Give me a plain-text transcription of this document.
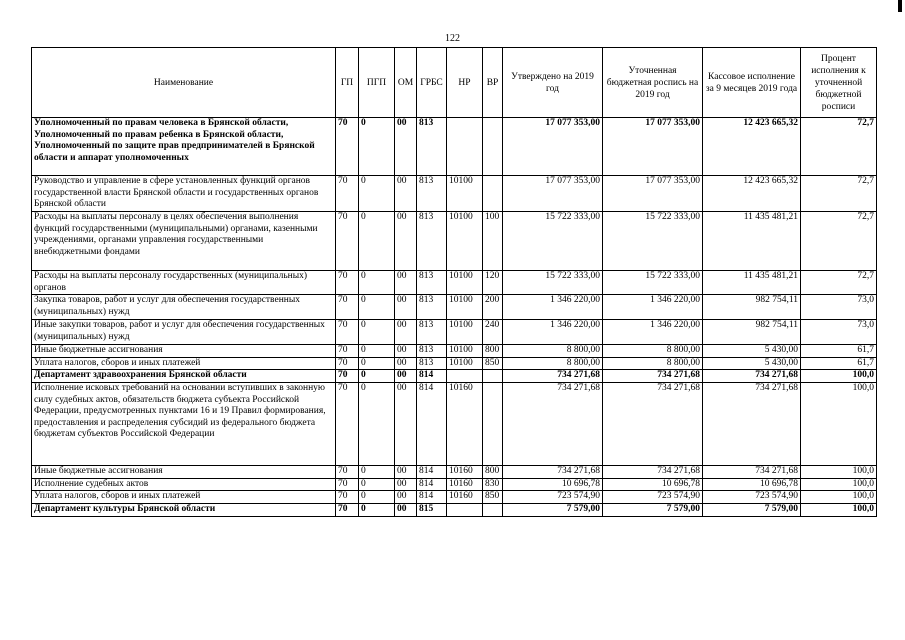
122
Наименование	ГП	ПГП	ОМ	ГРБС	НР	ВР	Утверждено на 2019 год	Уточненная бюджетная роспись на 2019 год	Кассовое исполнение за 9 месяцев 2019 года	Процент исполнения к уточненной бюджетной росписи
Уполномоченный по правам человека в Брянской области, Уполномоченный по правам ребенка в Брянской области, Уполномоченный по защите прав предпринимателей в Брянской области и аппарат уполномоченных	70	0	00	813			17 077 353,00	17 077 353,00	12 423 665,32	72,7
Руководство и управление в сфере установленных функций органов государственной власти Брянской области и государственных органов Брянской области	70	0	00	813	10100		17 077 353,00	17 077 353,00	12 423 665,32	72,7
Расходы на выплаты персоналу в целях обеспечения выполнения функций государственными (муниципальными) органами, казенными учреждениями, органами управления государственными внебюджетными фондами	70	0	00	813	10100	100	15 722 333,00	15 722 333,00	11 435 481,21	72,7
Расходы на выплаты персоналу государственных (муниципальных) органов	70	0	00	813	10100	120	15 722 333,00	15 722 333,00	11 435 481,21	72,7
Закупка товаров, работ и услуг для обеспечения государственных (муниципальных) нужд	70	0	00	813	10100	200	1 346 220,00	1 346 220,00	982 754,11	73,0
Иные закупки товаров, работ и услуг для обеспечения государственных (муниципальных) нужд	70	0	00	813	10100	240	1 346 220,00	1 346 220,00	982 754,11	73,0
Иные бюджетные ассигнования	70	0	00	813	10100	800	8 800,00	8 800,00	5 430,00	61,7
Уплата налогов, сборов и иных платежей	70	0	00	813	10100	850	8 800,00	8 800,00	5 430,00	61,7
Департамент здравоохранения Брянской области	70	0	00	814			734 271,68	734 271,68	734 271,68	100,0
Исполнение исковых требований на основании вступивших в законную силу судебных актов, обязательств бюджета субъекта Российской Федерации, предусмотренных пунктами 16 и 19 Правил формирования, предоставления и распределения субсидий из федерального бюджета бюджетам субъектов Российской Федерации	70	0	00	814	10160		734 271,68	734 271,68	734 271,68	100,0
Иные бюджетные ассигнования	70	0	00	814	10160	800	734 271,68	734 271,68	734 271,68	100,0
Исполнение судебных актов	70	0	00	814	10160	830	10 696,78	10 696,78	10 696,78	100,0
Уплата налогов, сборов и иных платежей	70	0	00	814	10160	850	723 574,90	723 574,90	723 574,90	100,0
Департамент культуры Брянской области	70	0	00	815			7 579,00	7 579,00	7 579,00	100,0
